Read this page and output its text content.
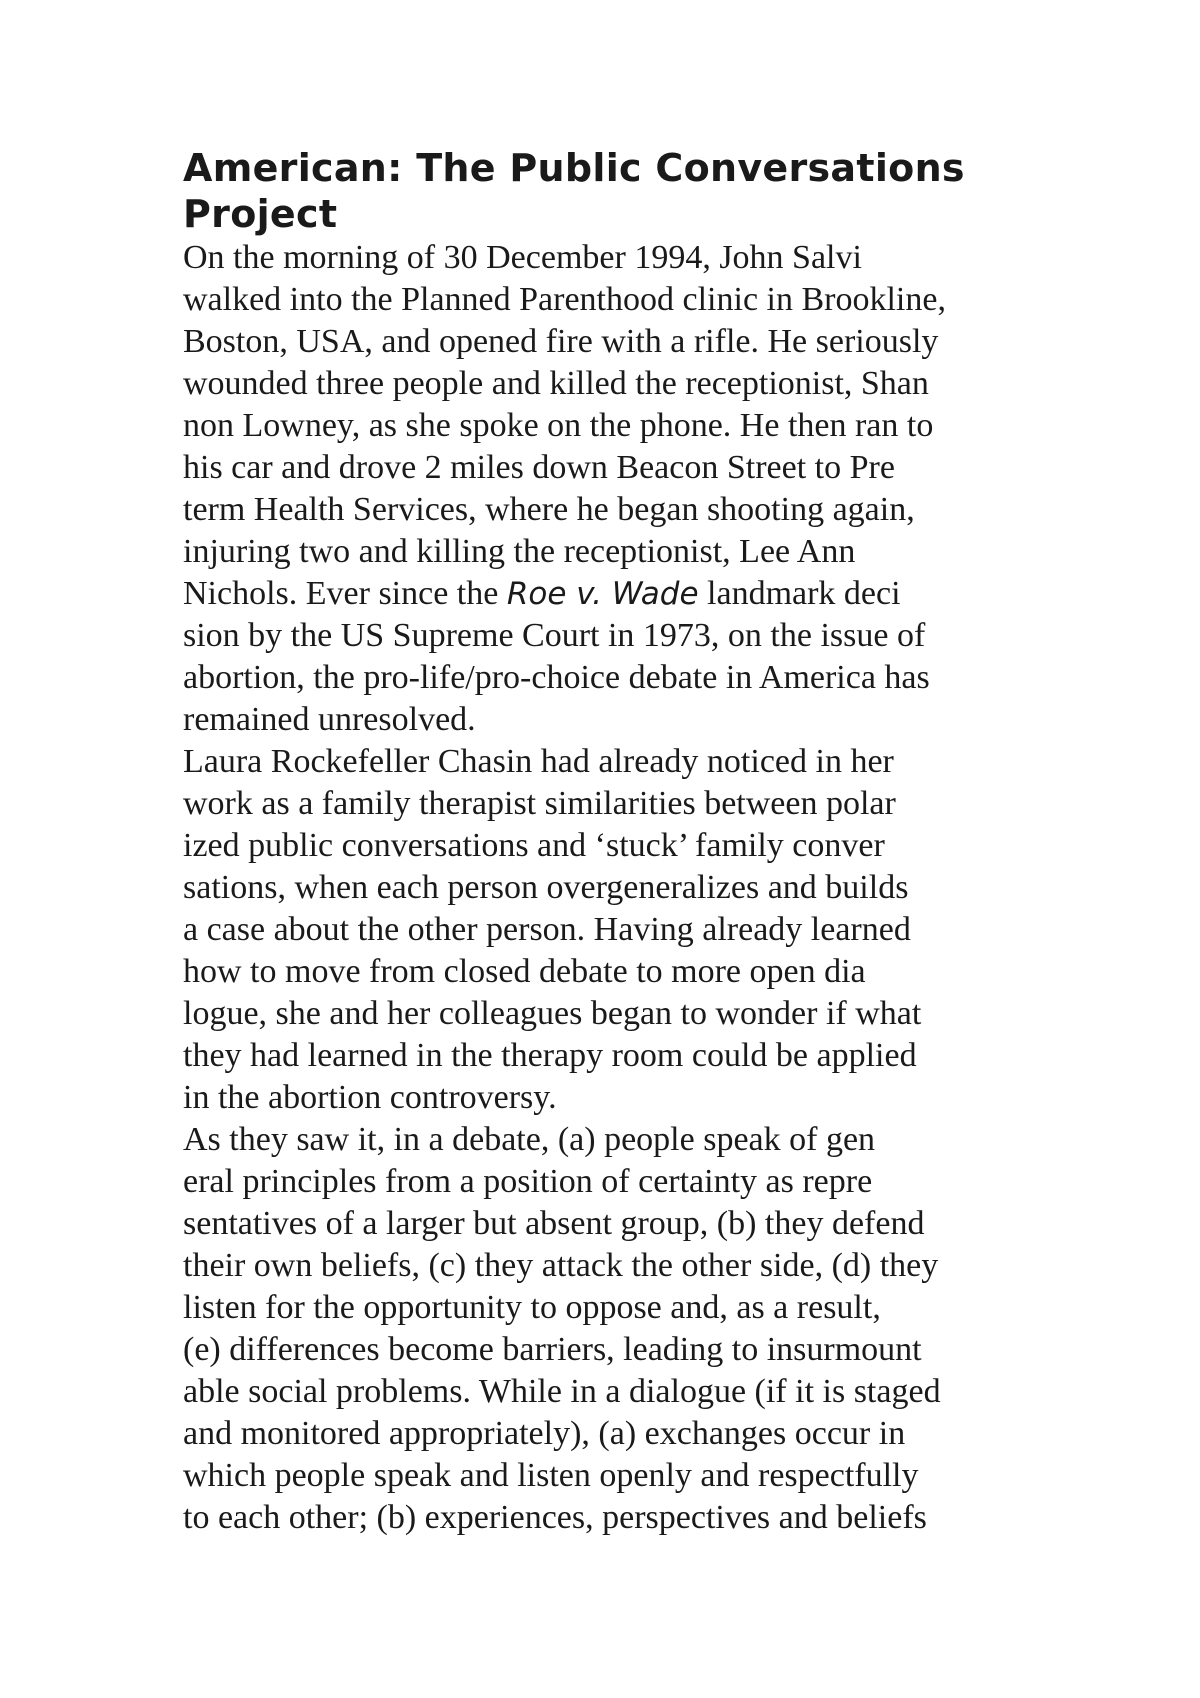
American: The Public Conversations
Project
On the morning of 30 December 1994, John Salvi
walked into the Planned Parenthood clinic in Brookline,
Boston, USA, and opened fire with a rifle. He seriously
wounded three people and killed the receptionist, Shan
non Lowney, as she spoke on the phone. He then ran to
his car and drove 2 miles down Beacon Street to Pre
term Health Services, where he began shooting again,
injuring two and killing the receptionist, Lee Ann
Nichols. Ever since the Roe v. Wade landmark deci
sion by the US Supreme Court in 1973, on the issue of
abortion, the pro-life/pro-choice debate in America has
remained unresolved.
Laura Rockefeller Chasin had already noticed in her
work as a family therapist similarities between polar
ized public conversations and ‘stuck’ family conver
sations, when each person overgeneralizes and builds
a case about the other person. Having already learned
how to move from closed debate to more open dia
logue, she and her colleagues began to wonder if what
they had learned in the therapy room could be applied
in the abortion controversy.
As they saw it, in a debate, (a) people speak of gen
eral principles from a position of certainty as repre
sentatives of a larger but absent group, (b) they defend
their own beliefs, (c) they attack the other side, (d) they
listen for the opportunity to oppose and, as a result,
(e) differences become barriers, leading to insurmount
able social problems. While in a dialogue (if it is staged
and monitored appropriately), (a) exchanges occur in
which people speak and listen openly and respectfully
to each other; (b) experiences, perspectives and beliefs
